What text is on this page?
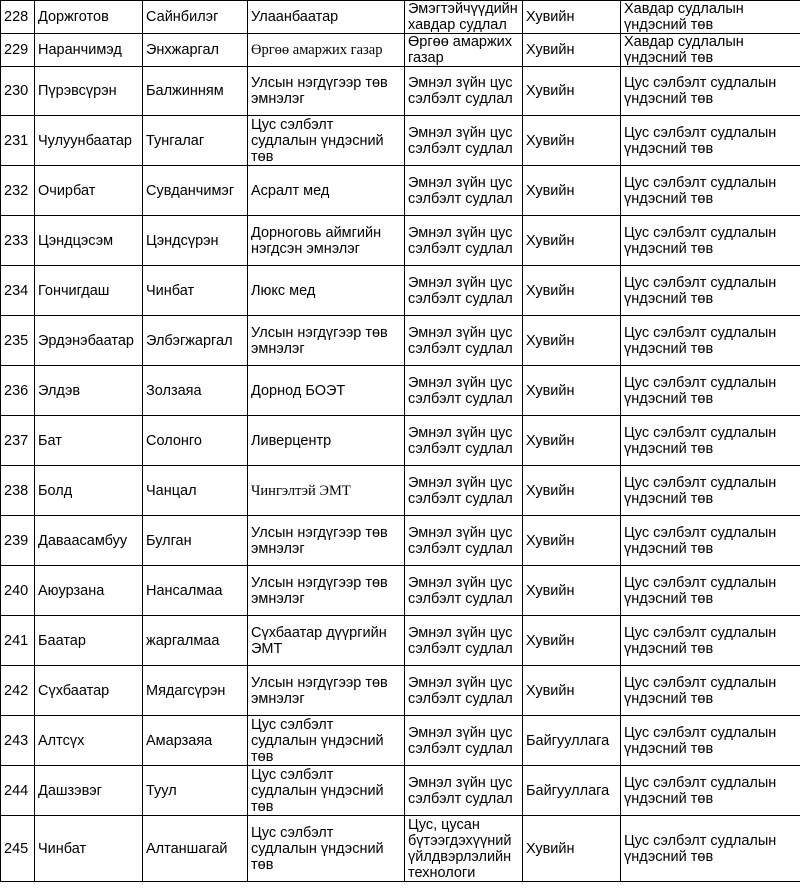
228	Доржготов	Сайнбилэг	Улаанбаатар	Эмэгтэйчүүдийн хавдар судлал	Хувийн	Хавдар судлалын үндэсний төв
229	Наранчимэд	Энхжаргал	Өргөө амаржих газар	Өргөө амаржих газар	Хувийн	Хавдар судлалын үндэсний төв
230	Пүрэвсүрэн	Балжинням	Улсын нэгдүгээр төв эмнэлэг	Эмнэл зүйн цус сэлбэлт судлал	Хувийн	Цус сэлбэлт судлалын үндэсний төв
231	Чулуунбаатар	Тунгалаг	Цус сэлбэлт судлалын үндэсний төв	Эмнэл зүйн цус сэлбэлт судлал	Хувийн	Цус сэлбэлт судлалын үндэсний төв
232	Очирбат	Сувданчимэг	Асралт мед	Эмнэл зүйн цус сэлбэлт судлал	Хувийн	Цус сэлбэлт судлалын үндэсний төв
233	Цэндцэсэм	Цэндсүрэн	Дорноговь аймгийн нэгдсэн эмнэлэг	Эмнэл зүйн цус сэлбэлт судлал	Хувийн	Цус сэлбэлт судлалын үндэсний төв
234	Гончигдаш	Чинбат	Люкс мед	Эмнэл зүйн цус сэлбэлт судлал	Хувийн	Цус сэлбэлт судлалын үндэсний төв
235	Эрдэнэбаатар	Элбэгжаргал	Улсын нэгдүгээр төв эмнэлэг	Эмнэл зүйн цус сэлбэлт судлал	Хувийн	Цус сэлбэлт судлалын үндэсний төв
236	Элдэв	Золзаяа	Дорнод БОЭТ	Эмнэл зүйн цус сэлбэлт судлал	Хувийн	Цус сэлбэлт судлалын үндэсний төв
237	Бат	Солонго	Ливерцентр	Эмнэл зүйн цус сэлбэлт судлал	Хувийн	Цус сэлбэлт судлалын үндэсний төв
238	Болд	Чанцал	Чингэлтэй ЭМТ	Эмнэл зүйн цус сэлбэлт судлал	Хувийн	Цус сэлбэлт судлалын үндэсний төв
239	Даваасамбуу	Булган	Улсын нэгдүгээр төв эмнэлэг	Эмнэл зүйн цус сэлбэлт судлал	Хувийн	Цус сэлбэлт судлалын үндэсний төв
240	Аюурзана	Нансалмаа	Улсын нэгдүгээр төв эмнэлэг	Эмнэл зүйн цус сэлбэлт судлал	Хувийн	Цус сэлбэлт судлалын үндэсний төв
241	Баатар	жаргалмаа	Сүхбаатар дүүргийн ЭМТ	Эмнэл зүйн цус сэлбэлт судлал	Хувийн	Цус сэлбэлт судлалын үндэсний төв
242	Сүхбаатар	Мядагсүрэн	Улсын нэгдүгээр төв эмнэлэг	Эмнэл зүйн цус сэлбэлт судлал	Хувийн	Цус сэлбэлт судлалын үндэсний төв
243	Алтсүх	Амарзаяа	Цус сэлбэлт судлалын үндэсний төв	Эмнэл зүйн цус сэлбэлт судлал	Байгууллага	Цус сэлбэлт судлалын үндэсний төв
244	Дашзэвэг	Туул	Цус сэлбэлт судлалын үндэсний төв	Эмнэл зүйн цус сэлбэлт судлал	Байгууллага	Цус сэлбэлт судлалын үндэсний төв
245	Чинбат	Алтаншагай	Цус сэлбэлт судлалын үндэсний төв	Цус, цусан бүтээгдэхүүний үйлдвэрлэлийн технологи	Хувийн	Цус сэлбэлт судлалын үндэсний төв
